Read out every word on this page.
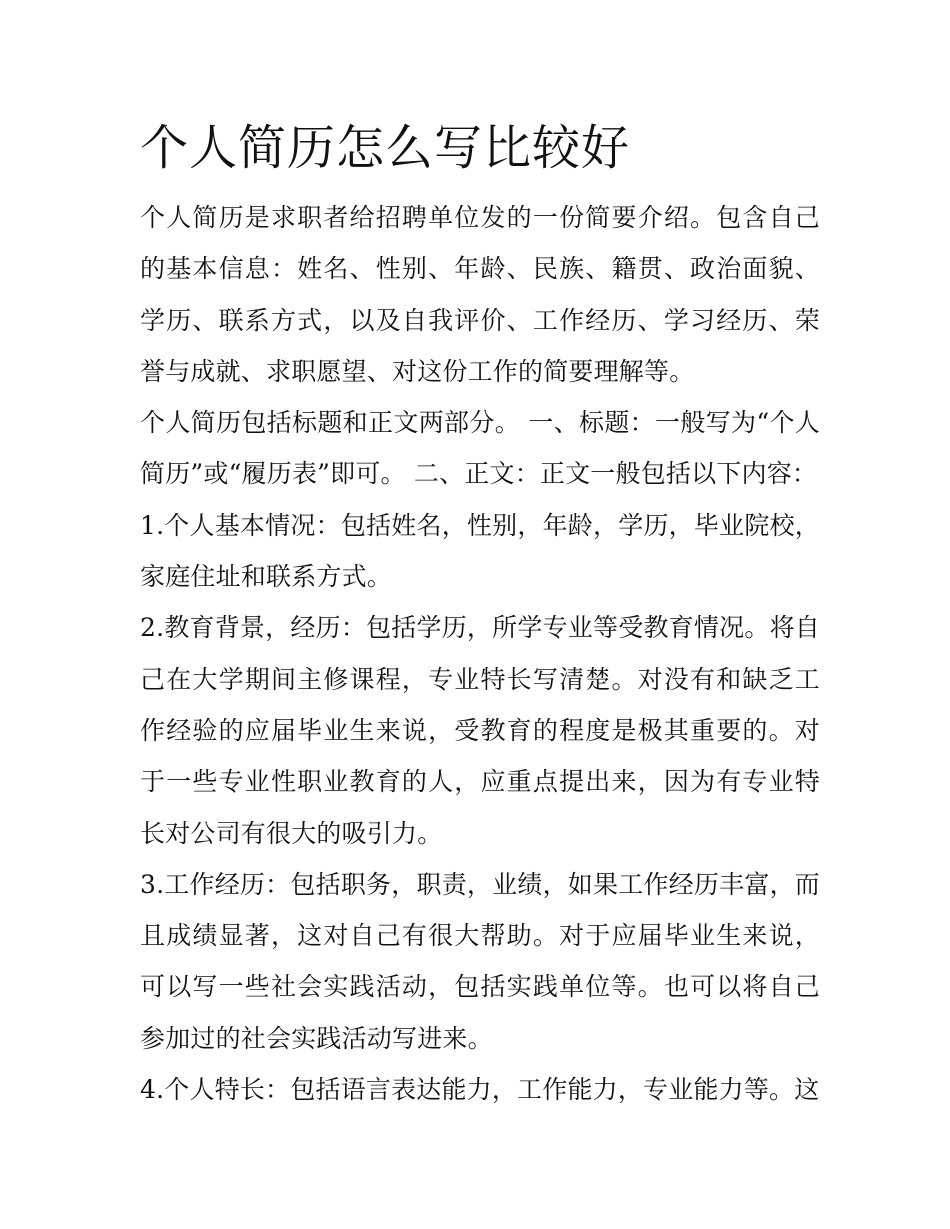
个人简历怎么写比较好

个人简历是求职者给招聘单位发的一份简要介绍。包含自己的基本信息：姓名、性别、年龄、民族、籍贯、政治面貌、学历、联系方式，以及自我评价、工作经历、学习经历、荣誉与成就、求职愿望、对这份工作的简要理解等。

个人简历包括标题和正文两部分。 一、标题：一般写为“个人简历”或“履历表”即可。 二、正文：正文一般包括以下内容：

1.个人基本情况：包括姓名，性别，年龄，学历，毕业院校，家庭住址和联系方式。

2.教育背景，经历：包括学历，所学专业等受教育情况。将自己在大学期间主修课程，专业特长写清楚。对没有和缺乏工作经验的应届毕业生来说，受教育的程度是极其重要的。对于一些专业性职业教育的人，应重点提出来，因为有专业特长对公司有很大的吸引力。

3.工作经历：包括职务，职责，业绩，如果工作经历丰富，而且成绩显著，这对自己有很大帮助。对于应届毕业生来说，可以写一些社会实践活动，包括实践单位等。也可以将自己参加过的社会实践活动写进来。

4.个人特长：包括语言表达能力，工作能力，专业能力等。这
